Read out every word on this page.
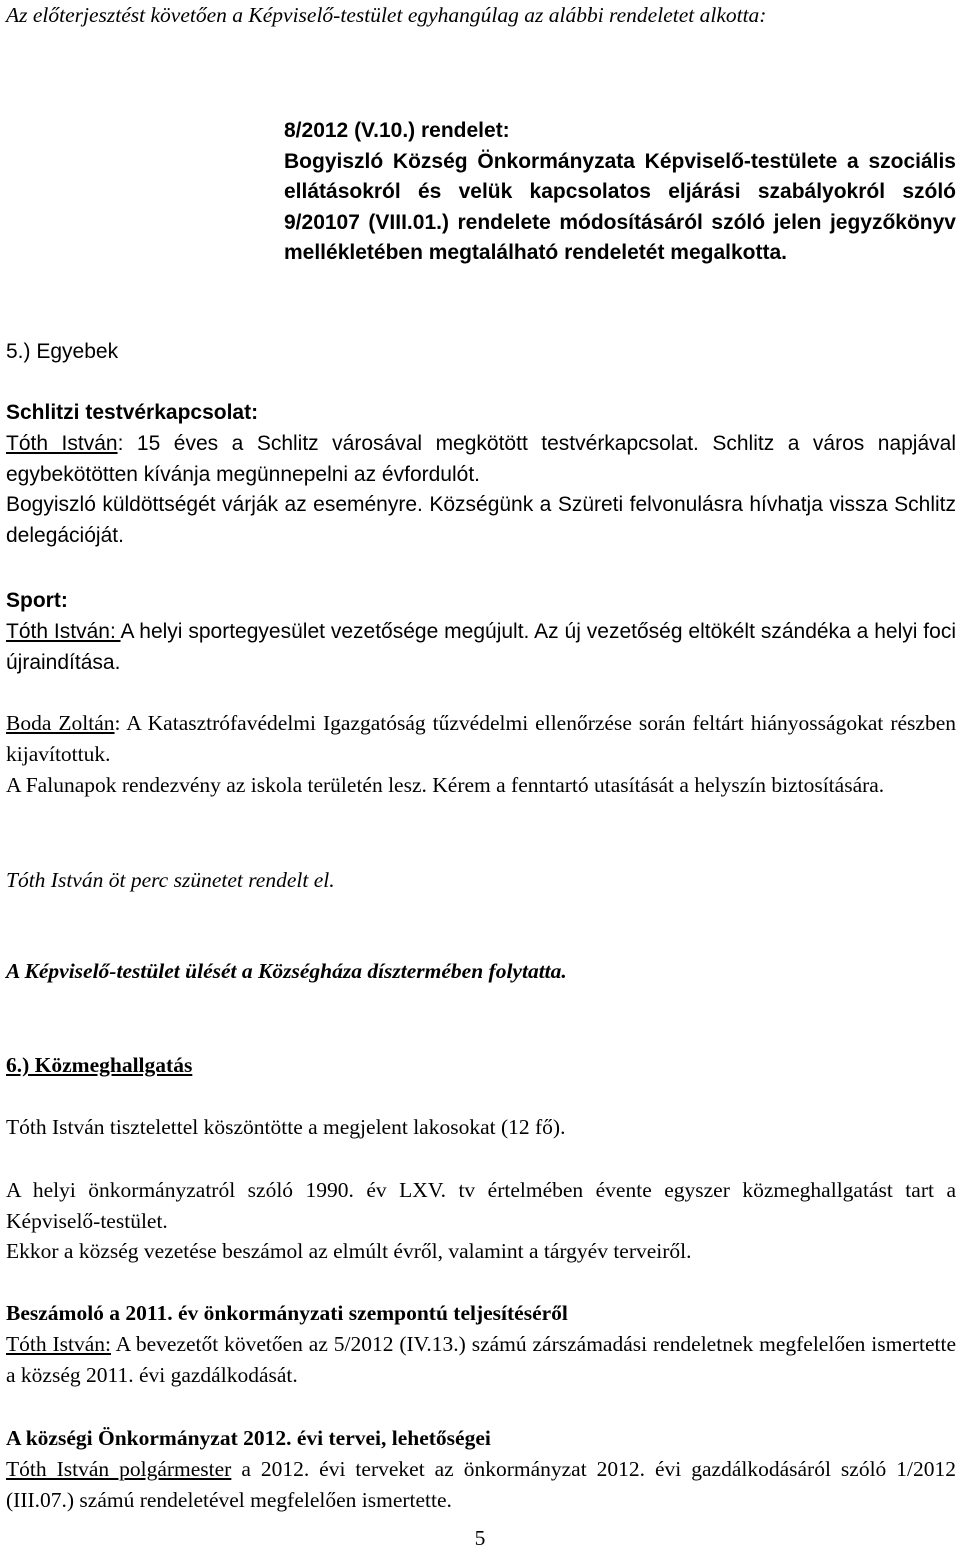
Az előterjesztést követően a Képviselő-testület egyhangúlag az alábbi rendeletet alkotta:

8/2012 (V.10.) rendelet:
Bogyiszló Község Önkormányzata Képviselő-testülete a szociális ellátásokról és velük kapcsolatos eljárási szabályokról szóló 9/20107 (VIII.01.) rendelete módosításáról szóló jelen jegyzőkönyv mellékletében megtalálható rendeletét megalkotta.
5.) Egyebek
Schlitzi testvérkapcsolat:

Tóth István: 15 éves a Schlitz városával megkötött testvérkapcsolat. Schlitz a város napjával egybekötötten kívánja megünnepelni az évfordulót.

Bogyiszló küldöttségét várják az eseményre. Községünk a Szüreti felvonulásra hívhatja vissza Schlitz delegációját.

Sport:

Tóth István: A helyi sportegyesület vezetősége megújult. Az új vezetőség eltökélt szándéka a helyi foci újraindítása.

Boda Zoltán: A Katasztrófavédelmi Igazgatóság tűzvédelmi ellenőrzése során feltárt hiányosságokat részben kijavítottuk.

A Falunapok rendezvény az iskola területén lesz. Kérem a fenntartó utasítását a helyszín biztosítására.

Tóth István öt perc szünetet rendelt el.

A Képviselő-testület ülését a Községháza dísztermében folytatta.

6.) Közmeghallgatás

Tóth István tisztelettel köszöntötte a megjelent lakosokat (12 fő).

A helyi önkormányzatról szóló 1990. év LXV. tv értelmében évente egyszer közmeghallgatást tart a Képviselő-testület.

Ekkor a község vezetése beszámol az elmúlt évről, valamint a tárgyév terveiről.

Beszámoló a 2011. év önkormányzati szempontú teljesítéséről

Tóth István: A bevezetőt követően az 5/2012 (IV.13.) számú zárszámadási rendeletnek megfelelően ismertette a község 2011. évi gazdálkodását.

A községi Önkormányzat 2012. évi tervei, lehetőségei

Tóth István polgármester a 2012. évi terveket az önkormányzat 2012. évi gazdálkodásáról szóló 1/2012 (III.07.) számú rendeletével megfelelően ismertette.

5
